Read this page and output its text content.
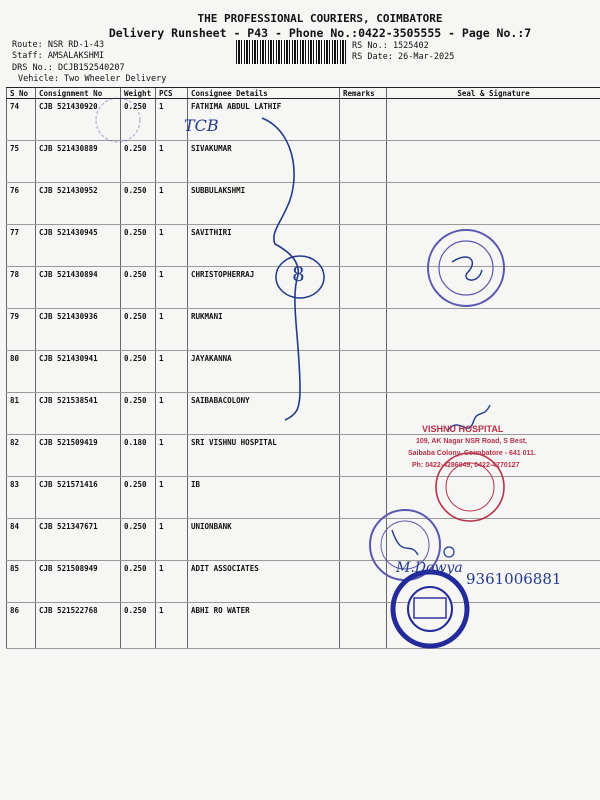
THE PROFESSIONAL COURIERS, COIMBATORE
Delivery Runsheet - P43 - Phone No.:0422-3505555 - Page No.:7
Route: NSR RD-1-43
Staff: AMSALAKSHMI
DRS No.: DCJB152540207
Vehicle: Two Wheeler Delivery
RS No.: 1525402
RS Date: 26-Mar-2025
S No	Consignment No	Weight	PCS	Consignee Details	Remarks	Seal & Signature
74	CJB 521430920	0.250	1	FATHIMA ABDUL LATHIF		
75	CJB 521430889	0.250	1	SIVAKUMAR		
76	CJB 521430952	0.250	1	SUBBULAKSHMI		
77	CJB 521430945	0.250	1	SAVITHIRI		
78	CJB 521430894	0.250	1	CHRISTOPHERRAJ		
79	CJB 521430936	0.250	1	RUKMANI		
80	CJB 521430941	0.250	1	JAYAKANNA		
81	CJB 521538541	0.250	1	SAIBABACOLONY		
82	CJB 521509419	0.180	1	SRI VISHNU HOSPITAL		
83	CJB 521571416	0.250	1	IB		
84	CJB 521347671	0.250	1	UNIONBANK		
85	CJB 521508949	0.250	1	ADIT ASSOCIATES		
86	CJB 521522768	0.250	1	ABHI RO WATER		
TCB
8
M.Dowya
9361006881
VISHNU HOSPITAL
109, AK Nagar NSR Road, S Best,
Saibaba Colony, Coimbatore - 641 011.
Ph: 0422-4286049, 0422-4270127
